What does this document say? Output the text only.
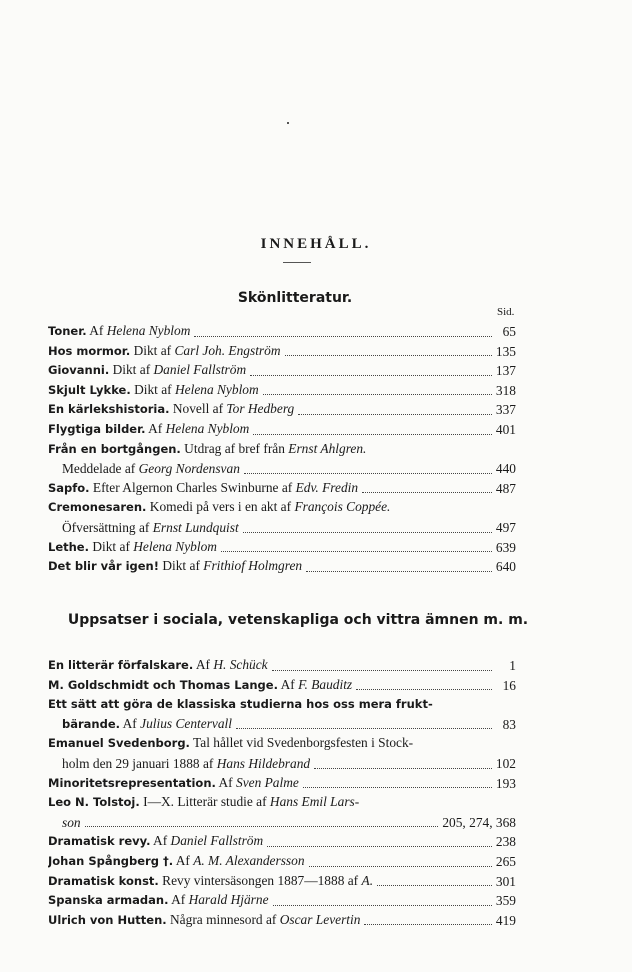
INNEHÅLL.
Skönlitteratur.
Sid.
Toner. Af Helena Nyblom	65
Hos mormor. Dikt af Carl Joh. Engström	135
Giovanni. Dikt af Daniel Fallström	137
Skjult Lykke. Dikt af Helena Nyblom	318
En kärlekshistoria. Novell af Tor Hedberg	337
Flygtiga bilder. Af Helena Nyblom	401
Från en bortgången. Utdrag af bref från Ernst Ahlgren.
Meddelade af Georg Nordensvan	440
Sapfo. Efter Algernon Charles Swinburne af Edv. Fredin	487
Cremonesaren. Komedi på vers i en akt af François Coppée.
Öfversättning af Ernst Lundquist	497
Lethe. Dikt af Helena Nyblom	639
Det blir vår igen! Dikt af Frithiof Holmgren	640
Uppsatser i sociala, vetenskapliga och vittra ämnen m. m.
En litterär förfalskare. Af H. Schück	1
M. Goldschmidt och Thomas Lange. Af F. Bauditz	16
Ett sätt att göra de klassiska studierna hos oss mera frukt-
bärande. Af Julius Centervall	83
Emanuel Svedenborg. Tal hållet vid Svedenborgsfesten i Stock-
holm den 29 januari 1888 af Hans Hildebrand	102
Minoritetsrepresentation. Af Sven Palme	193
Leo N. Tolstoj. I—X. Litterär studie af Hans Emil Lars-
son	205, 274, 368
Dramatisk revy. Af Daniel Fallström	238
Johan Spångberg †. Af A. M. Alexandersson	265
Dramatisk konst. Revy vintersäsongen 1887—1888 af A.	301
Spanska armadan. Af Harald Hjärne	359
Ulrich von Hutten. Några minnesord af Oscar Levertin	419
